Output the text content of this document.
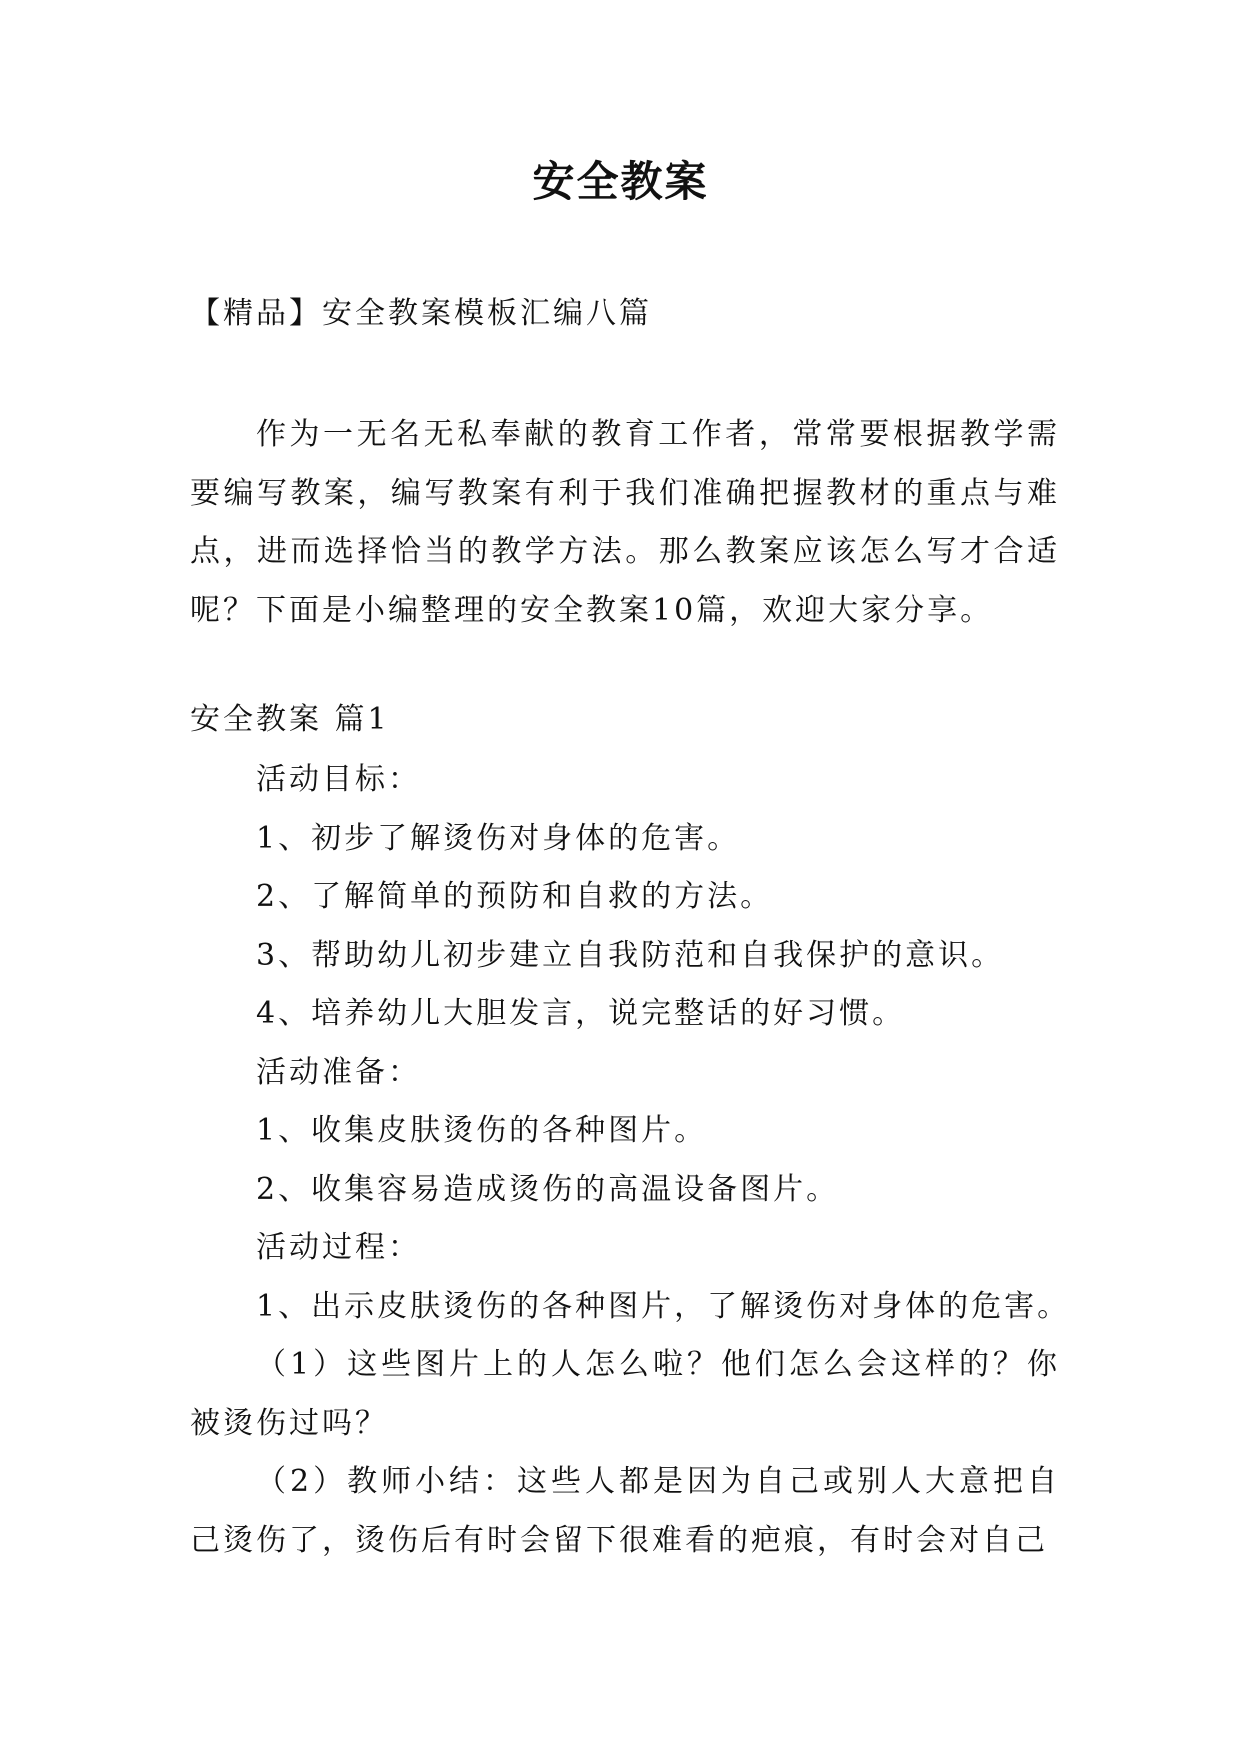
安全教案
【精品】安全教案模板汇编八篇
作为一无名无私奉献的教育工作者，常常要根据教学需要编写教案，编写教案有利于我们准确把握教材的重点与难点，进而选择恰当的教学方法。那么教案应该怎么写才合适呢？下面是小编整理的安全教案10篇，欢迎大家分享。
安全教案 篇1
活动目标：
1、初步了解烫伤对身体的危害。
2、了解简单的预防和自救的方法。
3、帮助幼儿初步建立自我防范和自我保护的意识。
4、培养幼儿大胆发言，说完整话的好习惯。
活动准备：
1、收集皮肤烫伤的各种图片。
2、收集容易造成烫伤的高温设备图片。
活动过程：
1、出示皮肤烫伤的各种图片，了解烫伤对身体的危害。
（1）这些图片上的人怎么啦？他们怎么会这样的？你被烫伤过吗？
（2）教师小结：这些人都是因为自己或别人大意把自己烫伤了，烫伤后有时会留下很难看的疤痕，有时会对自己
